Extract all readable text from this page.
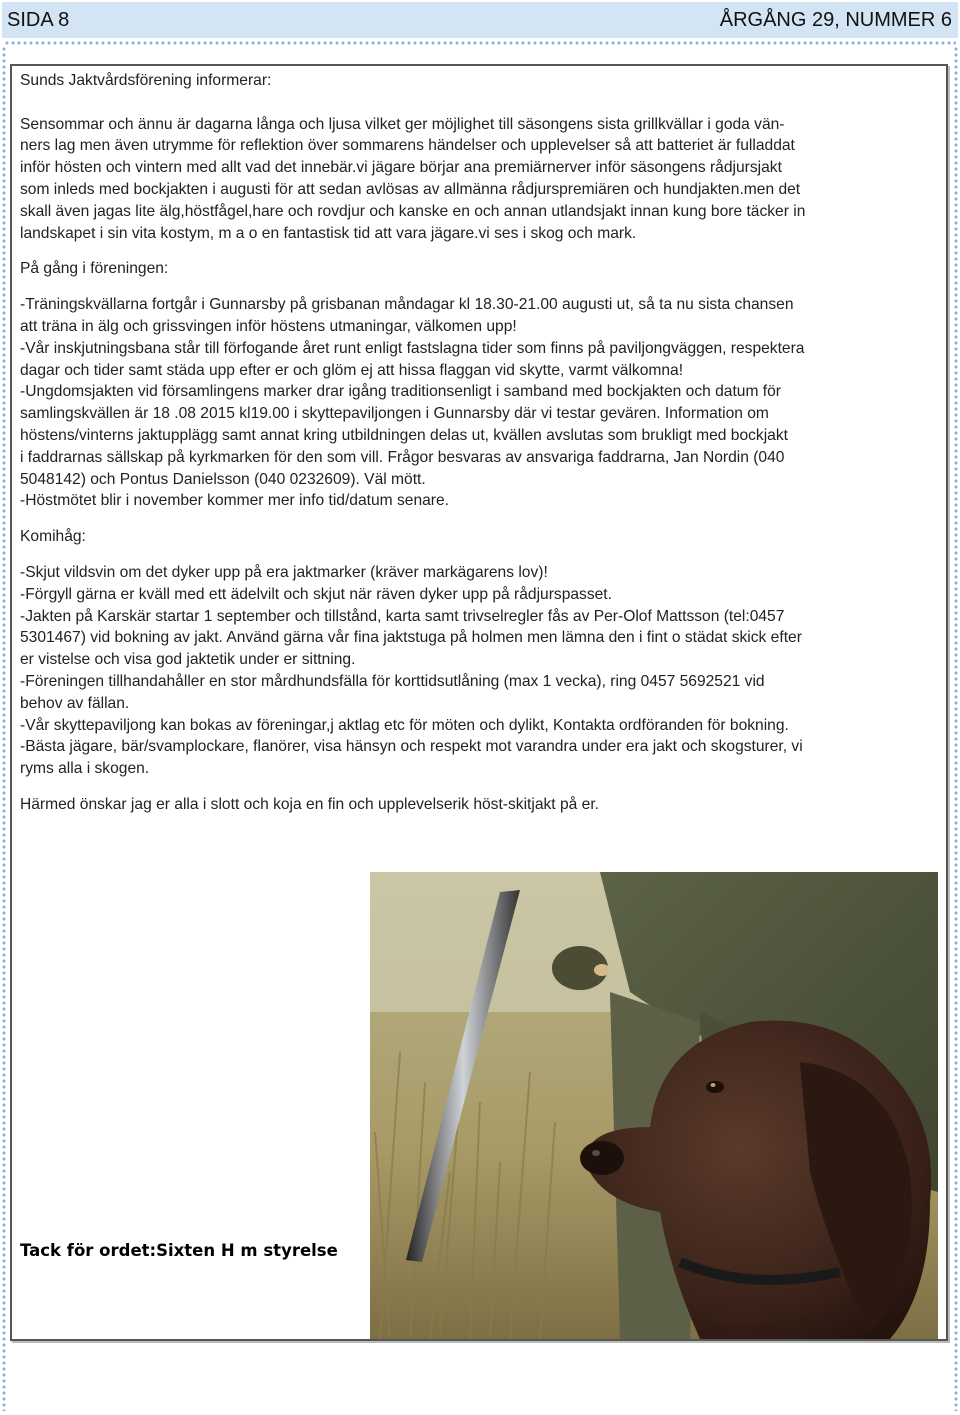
SIDA 8	ÅRGÅNG 29, NUMMER 6

Sunds Jaktvårdsförening informerar:

Sensommar och ännu är dagarna långa och ljusa vilket ger möjlighet till säsongens sista grillkvällar i goda vän-

ners lag men även utrymme för reflektion över sommarens händelser och upplevelser så att batteriet är fulladdat

inför hösten och vintern med allt vad det innebär.vi jägare börjar ana premiärnerver inför säsongens rådjursjakt

som inleds med bockjakten i augusti för att sedan avlösas av allmänna rådjurspremiären och hundjakten.men det

skall även jagas lite älg,höstfågel,hare och rovdjur och kanske en och annan utlandsjakt innan kung bore täcker in

landskapet i sin vita kostym, m a o en fantastisk tid att vara jägare.vi ses i skog och mark.

På gång i föreningen:

-Träningskvällarna fortgår i Gunnarsby på grisbanan måndagar kl 18.30-21.00 augusti ut, så ta nu sista chansen

att träna in älg och grissvingen inför höstens utmaningar, välkomen upp!

-Vår inskjutningsbana står till förfogande året runt enligt fastslagna tider som finns på paviljongväggen, respektera

dagar och tider samt städa upp efter er och glöm ej att hissa flaggan vid skytte, varmt välkomna!

-Ungdomsjakten vid församlingens marker drar igång traditionsenligt i samband med bockjakten och datum för

samlingskvällen är 18 .08 2015 kl19.00 i skyttepaviljongen i Gunnarsby där vi testar gevären. Information om

höstens/vinterns jaktupplägg samt annat kring utbildningen delas ut, kvällen avslutas som brukligt med bockjakt

i faddrarnas sällskap på kyrkmarken för den som vill. Frågor besvaras av ansvariga faddrarna, Jan Nordin (040

5048142) och Pontus Danielsson (040 0232609). Väl mött.

-Höstmötet blir i november kommer mer info tid/datum senare.

Komihåg:

-Skjut vildsvin om det dyker upp på era jaktmarker (kräver markägarens lov)!

-Förgyll gärna er kväll med ett ädelvilt och skjut när räven dyker upp på rådjurspasset.

-Jakten på Karskär startar 1 september och tillstånd, karta samt trivselregler fås av Per-Olof Mattsson (tel:0457

5301467) vid bokning av jakt. Använd gärna vår fina jaktstuga på holmen men lämna den i fint o städat skick efter

er vistelse och visa god jaktetik under er sittning.

-Föreningen tillhandahåller en stor mårdhundsfälla för korttidsutlåning (max 1 vecka), ring 0457 5692521 vid

behov av fällan.

-Vår skyttepaviljong kan bokas av föreningar,j aktlag etc för möten och dylikt, Kontakta ordföranden för bokning.

-Bästa jägare, bär/svamplockare, flanörer, visa hänsyn och respekt mot varandra under era jakt och skogsturer, vi

ryms alla i skogen.

Härmed önskar jag er alla i slott och koja en fin och upplevelserik höst-skitjakt på er.

Tack för ordet:Sixten H m styrelse
